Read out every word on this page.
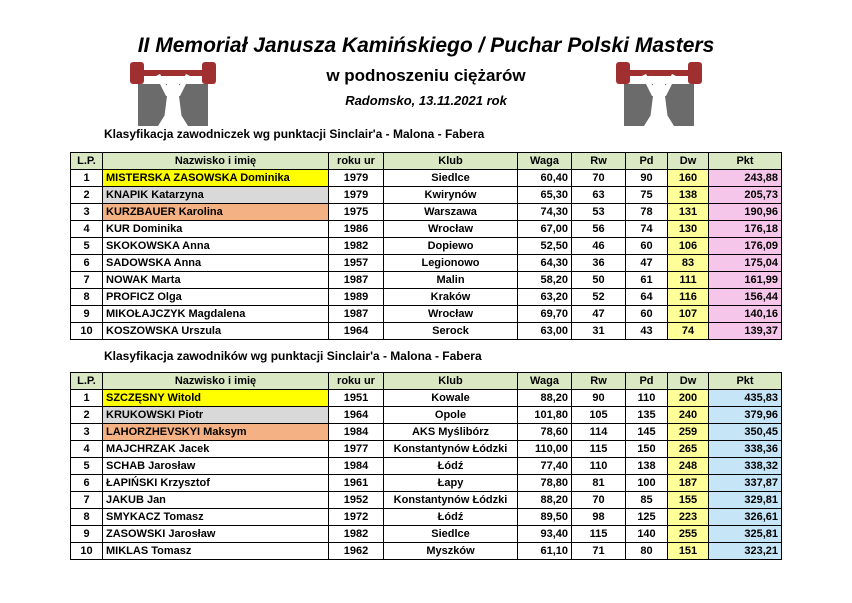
II Memoriał Janusza Kamińskiego / Puchar Polski Masters
w podnoszeniu ciężarów
Radomsko, 13.11.2021 rok
Klasyfikacja zawodniczek wg punktacji Sinclair'a - Malona - Fabera
L.P.	Nazwisko i imię	roku ur	Klub	Waga	Rw	Pd	Dw	Pkt
1	MISTERSKA ZASOWSKA Dominika	1979	Siedlce	60,40	70	90	160	243,88
2	KNAPIK Katarzyna	1979	Kwirynów	65,30	63	75	138	205,73
3	KURZBAUER Karolina	1975	Warszawa	74,30	53	78	131	190,96
4	KUR Dominika	1986	Wrocław	67,00	56	74	130	176,18
5	SKOKOWSKA Anna	1982	Dopiewo	52,50	46	60	106	176,09
6	SADOWSKA Anna	1957	Legionowo	64,30	36	47	83	175,04
7	NOWAK Marta	1987	Malin	58,20	50	61	111	161,99
8	PROFICZ Olga	1989	Kraków	63,20	52	64	116	156,44
9	MIKOŁAJCZYK Magdalena	1987	Wrocław	69,70	47	60	107	140,16
10	KOSZOWSKA Urszula	1964	Serock	63,00	31	43	74	139,37
Klasyfikacja zawodników wg punktacji Sinclair'a - Malona - Fabera
L.P.	Nazwisko i imię	roku ur	Klub	Waga	Rw	Pd	Dw	Pkt
1	SZCZĘSNY Witold	1951	Kowale	88,20	90	110	200	435,83
2	KRUKOWSKI Piotr	1964	Opole	101,80	105	135	240	379,96
3	LAHORZHEVSKYI Maksym	1984	AKS Myślibórz	78,60	114	145	259	350,45
4	MAJCHRZAK Jacek	1977	Konstantynów Łódzki	110,00	115	150	265	338,36
5	SCHAB Jarosław	1984	Łódź	77,40	110	138	248	338,32
6	ŁAPIŃSKI Krzysztof	1961	Łapy	78,80	81	100	187	337,87
7	JAKUB Jan	1952	Konstantynów Łódzki	88,20	70	85	155	329,81
8	SMYKACZ Tomasz	1972	Łódź	89,50	98	125	223	326,61
9	ZASOWSKI Jarosław	1982	Siedlce	93,40	115	140	255	325,81
10	MIKLAS Tomasz	1962	Myszków	61,10	71	80	151	323,21
